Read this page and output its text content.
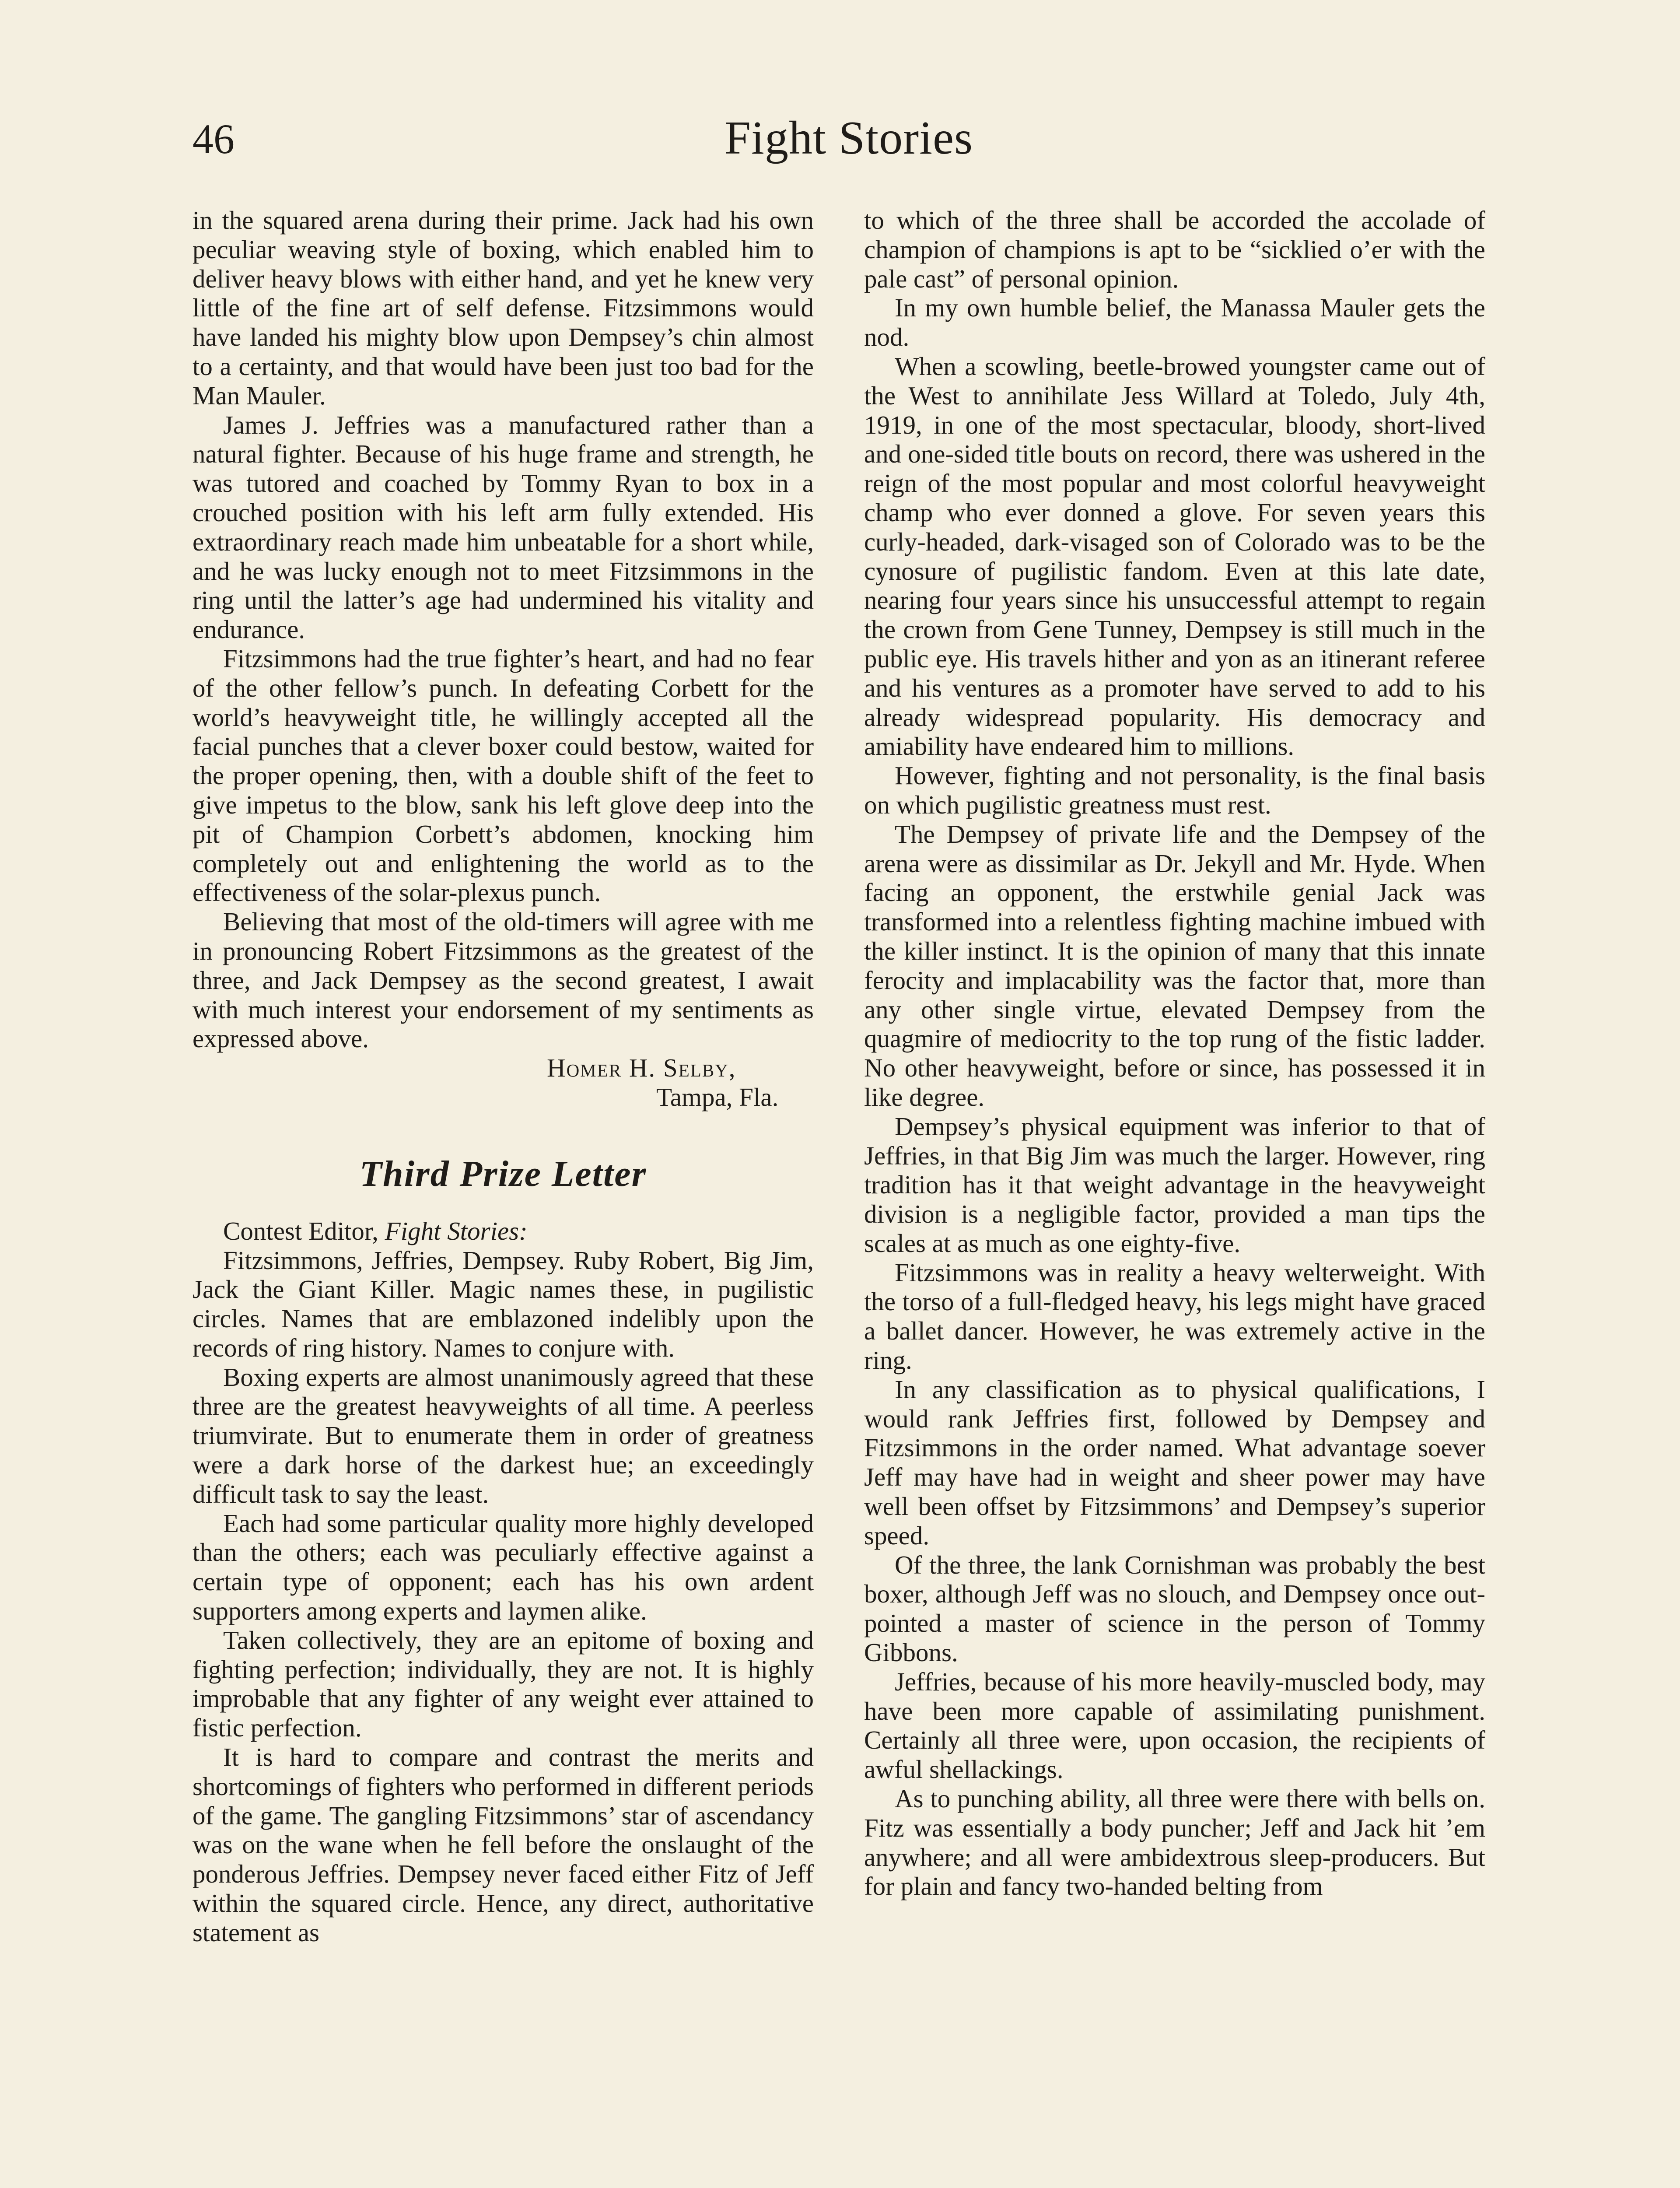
46	Fight Stories

in the squared arena during their prime. Jack had his own peculiar weaving style of boxing, which enabled him to deliver heavy blows with either hand, and yet he knew very little of the fine art of self defense. Fitzsimmons would have landed his mighty blow upon Dempsey’s chin almost to a certainty, and that would have been just too bad for the Man Mauler.

James J. Jeffries was a manufactured rather than a natural fighter. Because of his huge frame and strength, he was tutored and coached by Tommy Ryan to box in a crouched position with his left arm fully extended. His extraordinary reach made him unbeatable for a short while, and he was lucky enough not to meet Fitzsimmons in the ring until the latter’s age had undermined his vitality and endurance.

Fitzsimmons had the true fighter’s heart, and had no fear of the other fellow’s punch. In defeating Corbett for the world’s heavyweight title, he willingly accepted all the facial punches that a clever boxer could bestow, waited for the proper opening, then, with a double shift of the feet to give impetus to the blow, sank his left glove deep into the pit of Champion Corbett’s abdomen, knocking him completely out and enlightening the world as to the effectiveness of the solar-plexus punch.

Believing that most of the old-timers will agree with me in pronouncing Robert Fitzsimmons as the greatest of the three, and Jack Dempsey as the second greatest, I await with much interest your endorsement of my sentiments as expressed above.

Homer H. Selby,

Tampa, Fla.

Third Prize Letter

Contest Editor, Fight Stories:

Fitzsimmons, Jeffries, Dempsey. Ruby Robert, Big Jim, Jack the Giant Killer. Magic names these, in pugilistic circles. Names that are emblazoned indelibly upon the records of ring history. Names to conjure with.

Boxing experts are almost unanimously agreed that these three are the greatest heavyweights of all time. A peerless triumvirate. But to enumerate them in order of greatness were a dark horse of the darkest hue; an exceedingly difficult task to say the least.

Each had some particular quality more highly developed than the others; each was peculiarly effective against a certain type of opponent; each has his own ardent supporters among experts and laymen alike.

Taken collectively, they are an epitome of boxing and fighting perfection; individually, they are not. It is highly improbable that any fighter of any weight ever attained to fistic perfection.

It is hard to compare and contrast the merits and shortcomings of fighters who performed in different periods of the game. The gangling Fitzsimmons’ star of ascendancy was on the wane when he fell before the onslaught of the ponderous Jeffries. Dempsey never faced either Fitz of Jeff within the squared circle. Hence, any direct, authoritative statement as

to which of the three shall be accorded the accolade of champion of champions is apt to be “sicklied o’er with the pale cast” of personal opinion.

In my own humble belief, the Manassa Mauler gets the nod.

When a scowling, beetle-browed youngster came out of the West to annihilate Jess Willard at Toledo, July 4th, 1919, in one of the most spectacular, bloody, short-lived and one-sided title bouts on record, there was ushered in the reign of the most popular and most colorful heavyweight champ who ever donned a glove. For seven years this curly-headed, dark-visaged son of Colorado was to be the cynosure of pugilistic fandom. Even at this late date, nearing four years since his unsuccessful attempt to regain the crown from Gene Tunney, Dempsey is still much in the public eye. His travels hither and yon as an itinerant referee and his ventures as a promoter have served to add to his already widespread popularity. His democracy and amiability have endeared him to millions.

However, fighting and not personality, is the final basis on which pugilistic greatness must rest.

The Dempsey of private life and the Dempsey of the arena were as dissimilar as Dr. Jekyll and Mr. Hyde. When facing an opponent, the erstwhile genial Jack was transformed into a relentless fighting machine imbued with the killer instinct. It is the opinion of many that this innate ferocity and implacability was the factor that, more than any other single virtue, elevated Dempsey from the quagmire of mediocrity to the top rung of the fistic ladder. No other heavyweight, before or since, has possessed it in like degree.

Dempsey’s physical equipment was inferior to that of Jeffries, in that Big Jim was much the larger. However, ring tradition has it that weight advantage in the heavyweight division is a negligible factor, provided a man tips the scales at as much as one eighty-five.

Fitzsimmons was in reality a heavy welterweight. With the torso of a full-fledged heavy, his legs might have graced a ballet dancer. However, he was extremely active in the ring.

In any classification as to physical qualifications, I would rank Jeffries first, followed by Dempsey and Fitzsimmons in the order named. What advantage soever Jeff may have had in weight and sheer power may have well been offset by Fitzsimmons’ and Dempsey’s superior speed.

Of the three, the lank Cornishman was probably the best boxer, although Jeff was no slouch, and Dempsey once out-pointed a master of science in the person of Tommy Gibbons.

Jeffries, because of his more heavily-muscled body, may have been more capable of assimilating punishment. Certainly all three were, upon occasion, the recipients of awful shellackings.

As to punching ability, all three were there with bells on. Fitz was essentially a body puncher; Jeff and Jack hit ’em anywhere; and all were ambidextrous sleep-producers. But for plain and fancy two-handed belting from
